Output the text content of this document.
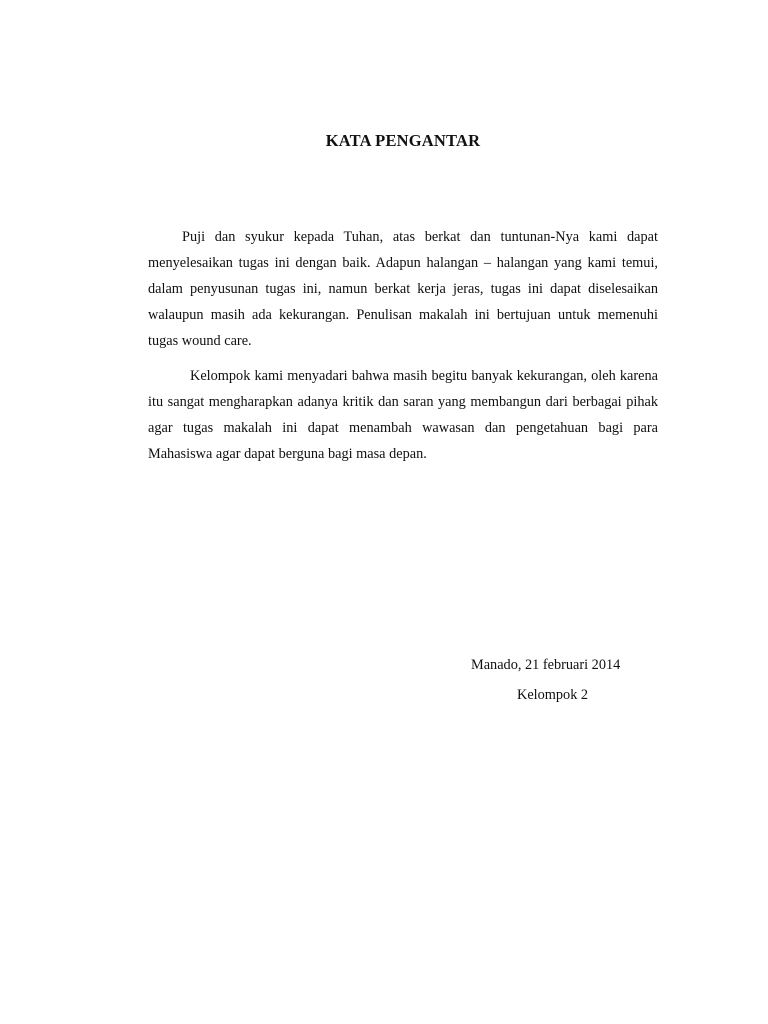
KATA PENGANTAR

Puji dan syukur kepada Tuhan, atas berkat dan tuntunan-Nya kami dapat menyelesaikan tugas ini dengan baik. Adapun halangan – halangan yang kami temui, dalam penyusunan tugas ini, namun berkat kerja jeras, tugas ini dapat diselesaikan walaupun masih ada kekurangan. Penulisan makalah ini bertujuan untuk memenuhi tugas wound care.

Kelompok kami menyadari bahwa masih begitu banyak kekurangan, oleh karena itu sangat mengharapkan adanya kritik dan saran yang membangun dari berbagai pihak agar tugas makalah ini dapat menambah wawasan dan pengetahuan bagi para Mahasiswa agar dapat berguna bagi masa depan.

Manado, 21 februari 2014
Kelompok 2
